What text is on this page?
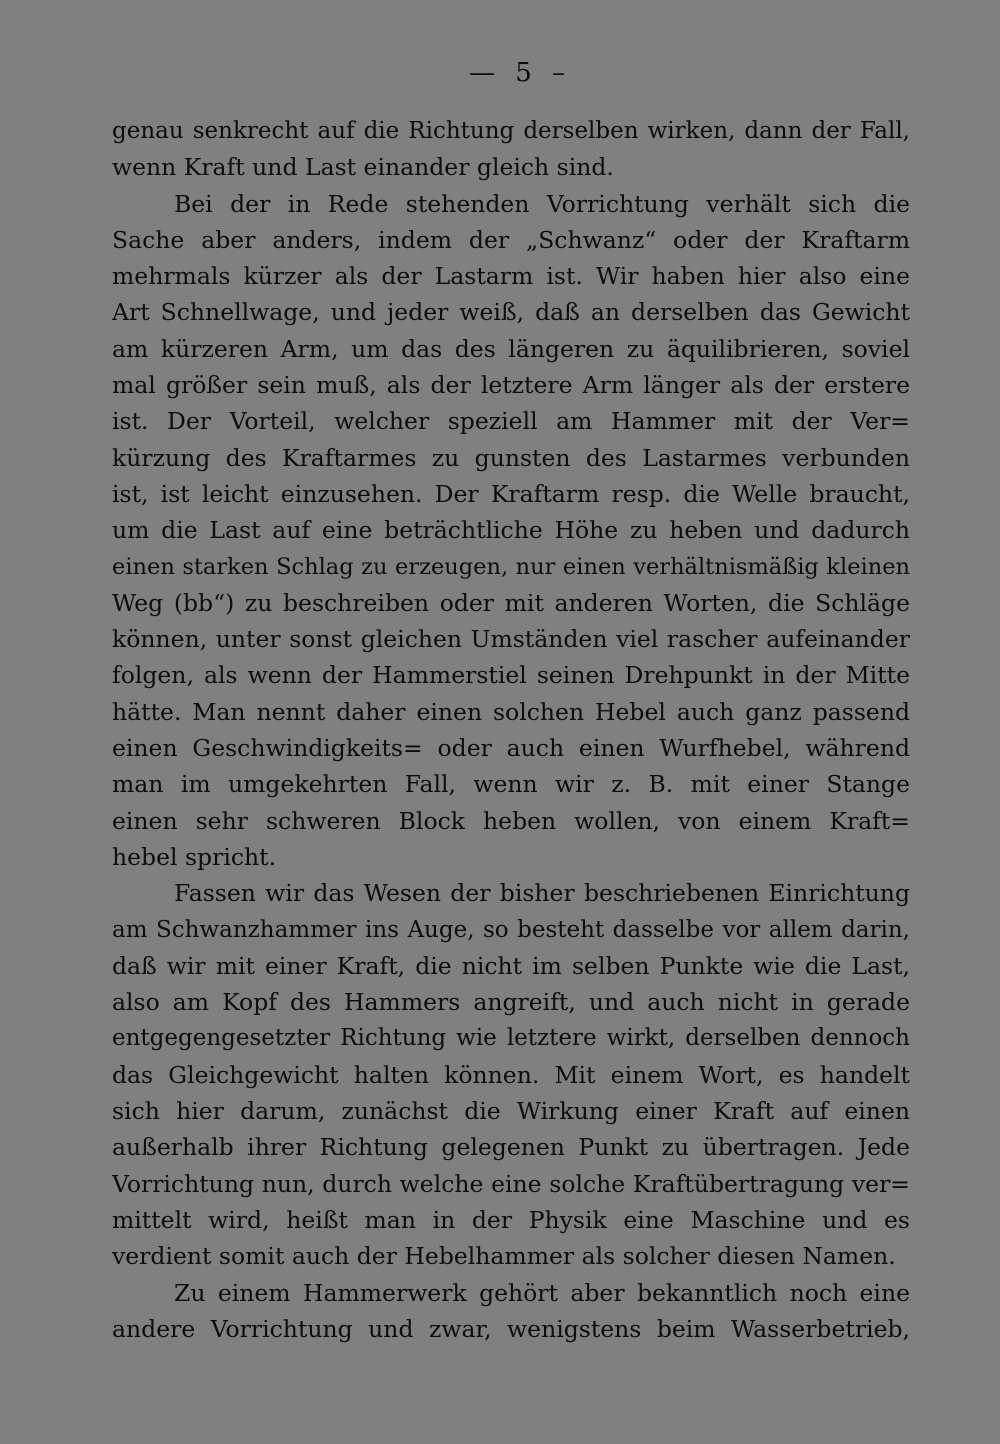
— 5 –
genau senkrecht auf die Richtung derselben wirken, dann der Fall,
wenn Kraft und Last einander gleich sind.
Bei der in Rede stehenden Vorrichtung verhält sich die
Sache aber anders, indem der „Schwanz“ oder der Kraftarm
mehrmals kürzer als der Lastarm ist. Wir haben hier also eine
Art Schnellwage, und jeder weiß, daß an derselben das Gewicht
am kürzeren Arm, um das des längeren zu äquilibrieren, soviel
mal größer sein muß, als der letztere Arm länger als der erstere
ist. Der Vorteil, welcher speziell am Hammer mit der Ver=
kürzung des Kraftarmes zu gunsten des Lastarmes verbunden
ist, ist leicht einzusehen. Der Kraftarm resp. die Welle braucht,
um die Last auf eine beträchtliche Höhe zu heben und dadurch
einen starken Schlag zu erzeugen, nur einen verhältnismäßig kleinen
Weg (bb“) zu beschreiben oder mit anderen Worten, die Schläge
können, unter sonst gleichen Umständen viel rascher aufeinander
folgen, als wenn der Hammerstiel seinen Drehpunkt in der Mitte
hätte. Man nennt daher einen solchen Hebel auch ganz passend
einen Geschwindigkeits= oder auch einen Wurfhebel, während
man im umgekehrten Fall, wenn wir z. B. mit einer Stange
einen sehr schweren Block heben wollen, von einem Kraft=
hebel spricht.
Fassen wir das Wesen der bisher beschriebenen Einrichtung
am Schwanzhammer ins Auge, so besteht dasselbe vor allem darin,
daß wir mit einer Kraft, die nicht im selben Punkte wie die Last,
also am Kopf des Hammers angreift, und auch nicht in gerade
entgegengesetzter Richtung wie letztere wirkt, derselben dennoch
das Gleichgewicht halten können. Mit einem Wort, es handelt
sich hier darum, zunächst die Wirkung einer Kraft auf einen
außerhalb ihrer Richtung gelegenen Punkt zu übertragen. Jede
Vorrichtung nun, durch welche eine solche Kraftübertragung ver=
mittelt wird, heißt man in der Physik eine Maschine und es
verdient somit auch der Hebelhammer als solcher diesen Namen.
Zu einem Hammerwerk gehört aber bekanntlich noch eine
andere Vorrichtung und zwar, wenigstens beim Wasserbetrieb,
